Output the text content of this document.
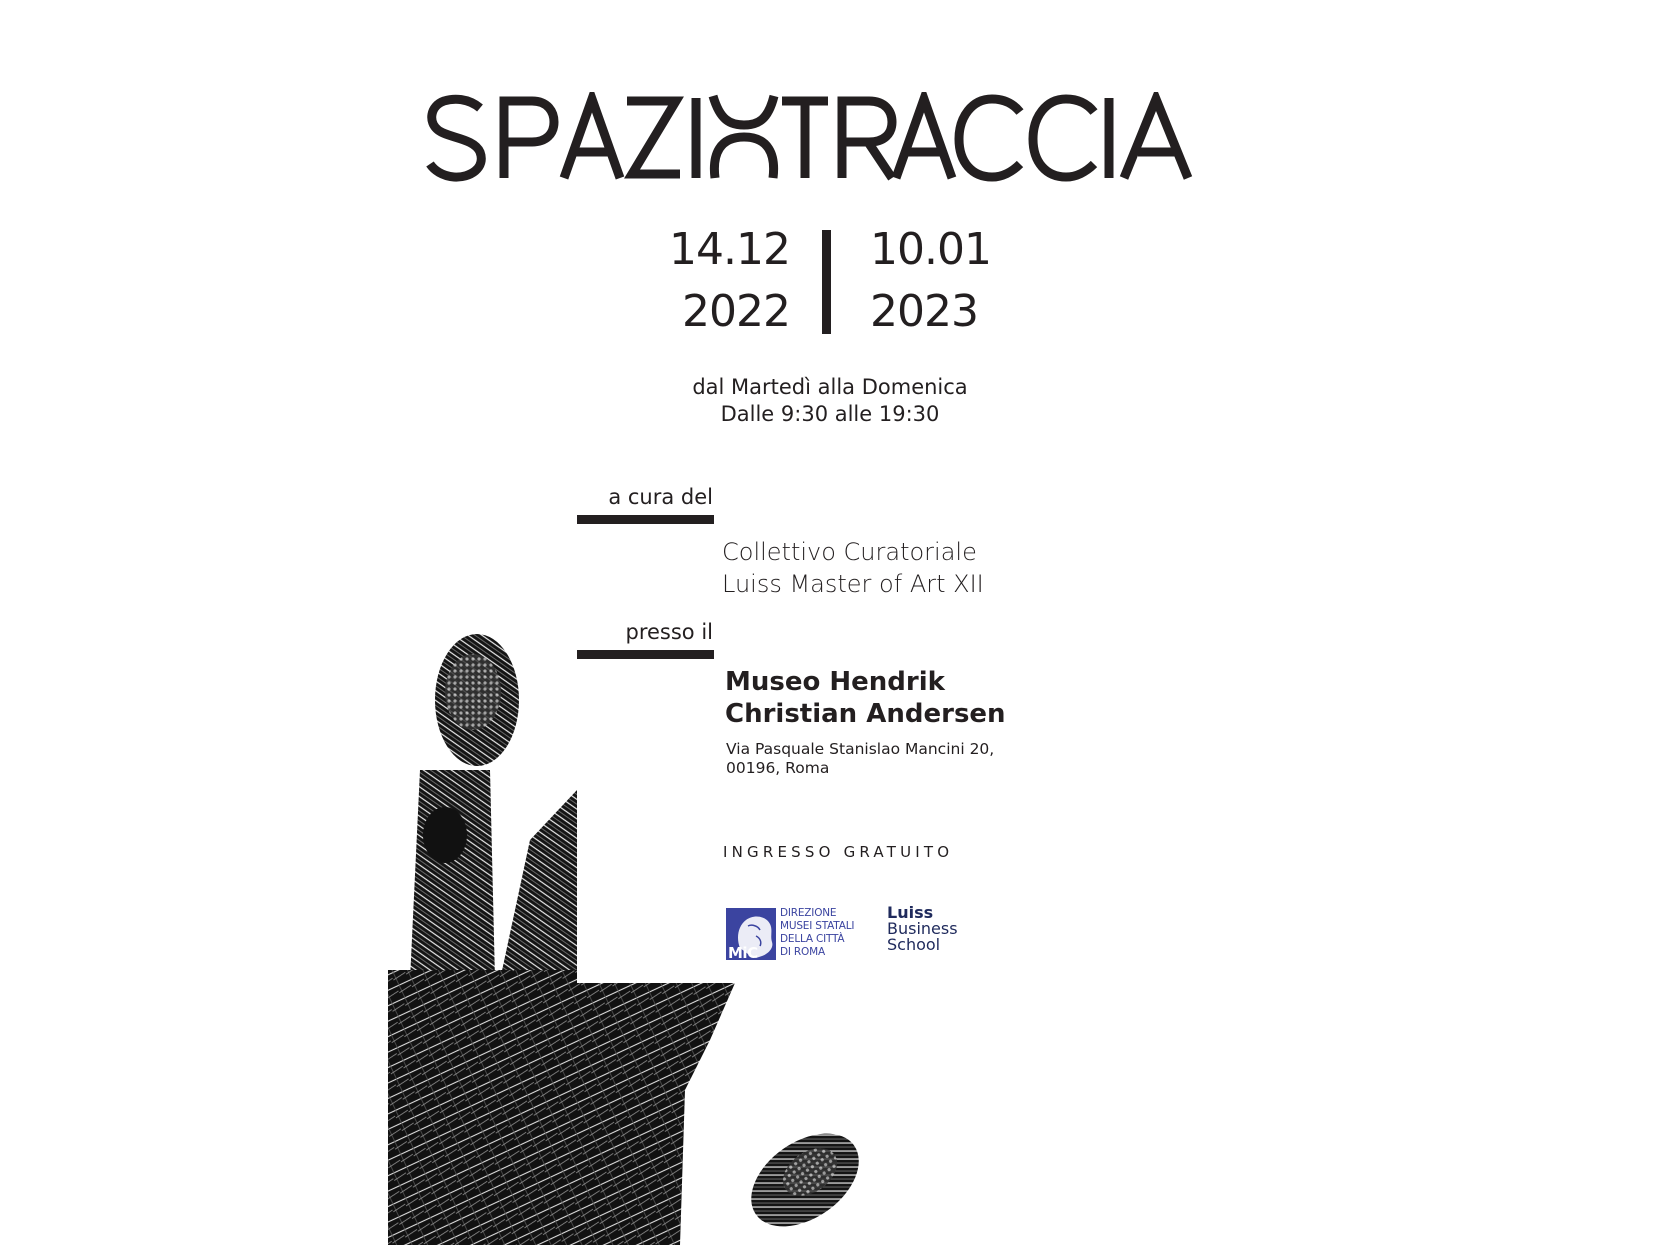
14.12
2022
10.01
2023
dal Martedì alla Domenica
Dalle 9:30 alle 19:30
a cura del
Collettivo Curatoriale
Luiss Master of Art XII
presso il
Museo Hendrik
Christian Andersen
Via Pasquale Stanislao Mancini 20,
00196, Roma
INGRESSO GRATUITO
MiC
DIREZIONE
MUSEI STATALI
DELLA CITTÀ
DI ROMA
Luiss
Business
School
